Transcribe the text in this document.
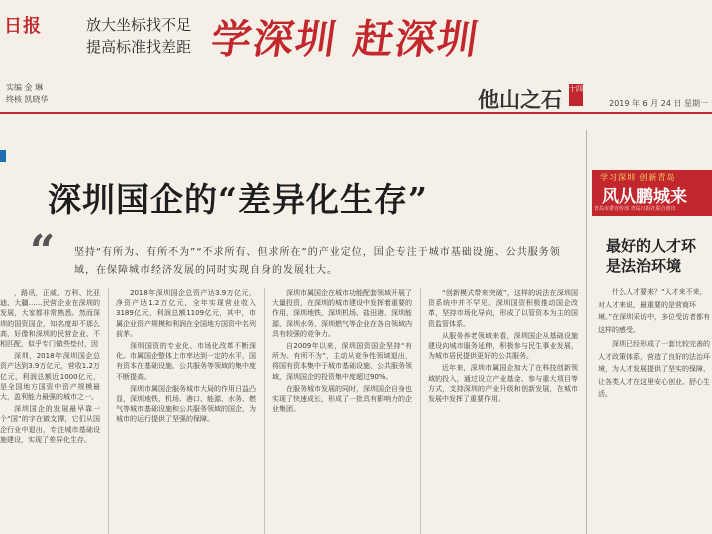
日报	放大坐标找不足
提高标准找差距 学深圳 赶深圳
实编 金 琳
终核 凯晓华	他山之石 十四
2019 年 6 月 24 日 星期一
深圳国企的“差异化生存”
“ 坚持“有所为、有所不为”“不求所有、但求所在”的产业定位，国企专注于城市基础设施、公共服务领域，在保障城市经济发展的同时实现自身的发展壮大。

，路讯，正威、万科、比亚迪、大疆……民营企业在深圳的发展，大家都非常熟悉。然而深圳的国资国企，知名度却不那么高，好像和深圳的民营企业、不相匹配，似乎专门做些垫付，因

深圳，2018年深圳国企总资产达到3.9万亿元，营收1.2万亿元，利润总额近1000亿元，是全国地方国资中资产规模最大，盈利能力最强的城市之一。

深圳国企的发展最早靠一个“国”的字在做支撑，它们从国企行业中退出，专注城市基础设施建设，实现了差异化生存。

2018年深圳国企总资产达3.9万亿元，净资产达1.2万亿元，全年实现营业收入3189亿元，利润总额1109亿元，其中，市属企业资产规模和利润在全国地方国资中名列前茅。

深圳国资的专业化、市场化改革不断深化。市属国企整体上市率达到一定的水平，国有资本在基础设施、公共服务等领域的集中度不断提高。

深圳市属国企服务城市大局的作用日益凸显，深圳地铁、机场、港口、能源、水务、燃气等城市基础设施和公共服务领域的国企，为城市的运行提供了坚强的保障。

深圳市属国企在城市功能配套领域开展了大量投资，在深圳的城市建设中发挥着重要的作用，深圳地铁、深圳机场、盐田港、深圳能源、深圳水务、深圳燃气等企业在各自领域内具有较强的竞争力。

自2009年以来，深圳国资国企坚持“有所为、有所不为”，主动从竞争性领域退出，将国有资本集中于城市基础设施、公共服务领域，深圳国企的投资集中度超过90%。

在服务城市发展的同时，深圳国企自身也实现了快速成长，形成了一批具有影响力的企业集团。

“创新模式带来突破”，这样的说法在深圳国资系统中并不罕见。深圳国资积极推动国企改革，坚持市场化导向，形成了以管资本为主的国资监管体系。

从服务养老领域来看，深圳国企从基础设施建设向城市服务延伸，积极参与民生事业发展，为城市居民提供更好的公共服务。

近年来，深圳市属国企加大了在科技创新领域的投入，通过设立产业基金、参与重大项目等方式，支持深圳的产业升级和创新发展，在城市发展中发挥了重要作用。

学习深圳 创新青岛
风从鹏城来
青岛市委宣传部 青岛日报社联合推出
最好的人才环
是法治环境

什么人才要来？“人才来不来，对人才来说，最重要的是营商环境。”在深圳采访中，多位受访者都有这样的感受。

深圳已经形成了一套比较完善的人才政策体系，营造了良好的法治环境，为人才发展提供了坚实的保障，让各类人才在这里安心创业、舒心生活。
